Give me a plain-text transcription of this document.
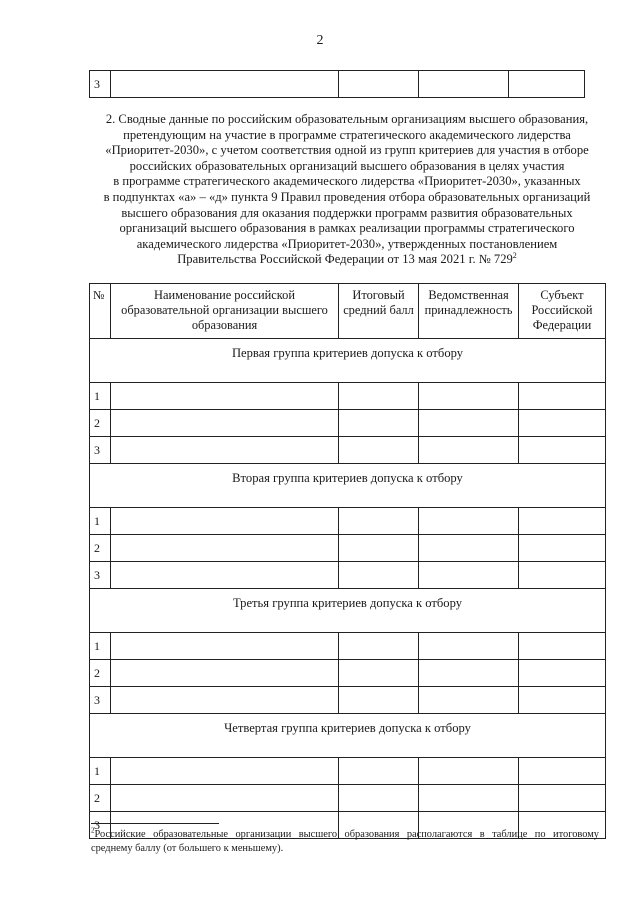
2
3				
2. Сводные данные по российским образовательным организациям высшего образования,
претендующим на участие в программе стратегического академического лидерства
«Приоритет-2030», с учетом соответствия одной из групп критериев для участия в отборе
российских образовательных организаций высшего образования в целях участия
в программе стратегического академического лидерства «Приоритет-2030», указанных
в подпунктах «а» – «д» пункта 9 Правил проведения отбора образовательных организаций
высшего образования для оказания поддержки программ развития образовательных
организаций высшего образования в рамках реализации программы стратегического
академического лидерства «Приоритет-2030», утвержденных постановлением
Правительства Российской Федерации от 13 мая 2021 г. № 729$^2$
№	Наименование российской образовательной организации высшего образования	Итоговый средний балл	Ведомственная принадлежность	Субъект Российской Федерации
Первая группа критериев допуска к отбору				
1				
2				
3				
Вторая группа критериев допуска к отбору				
1				
2				
3				
Третья группа критериев допуска к отбору				
1				
2				
3				
Четвертая группа критериев допуска к отбору				
1				
2				
3				
$^2$Российские образовательные организации высшего образования располагаются в таблице по итоговому среднему баллу (от большего к меньшему).
